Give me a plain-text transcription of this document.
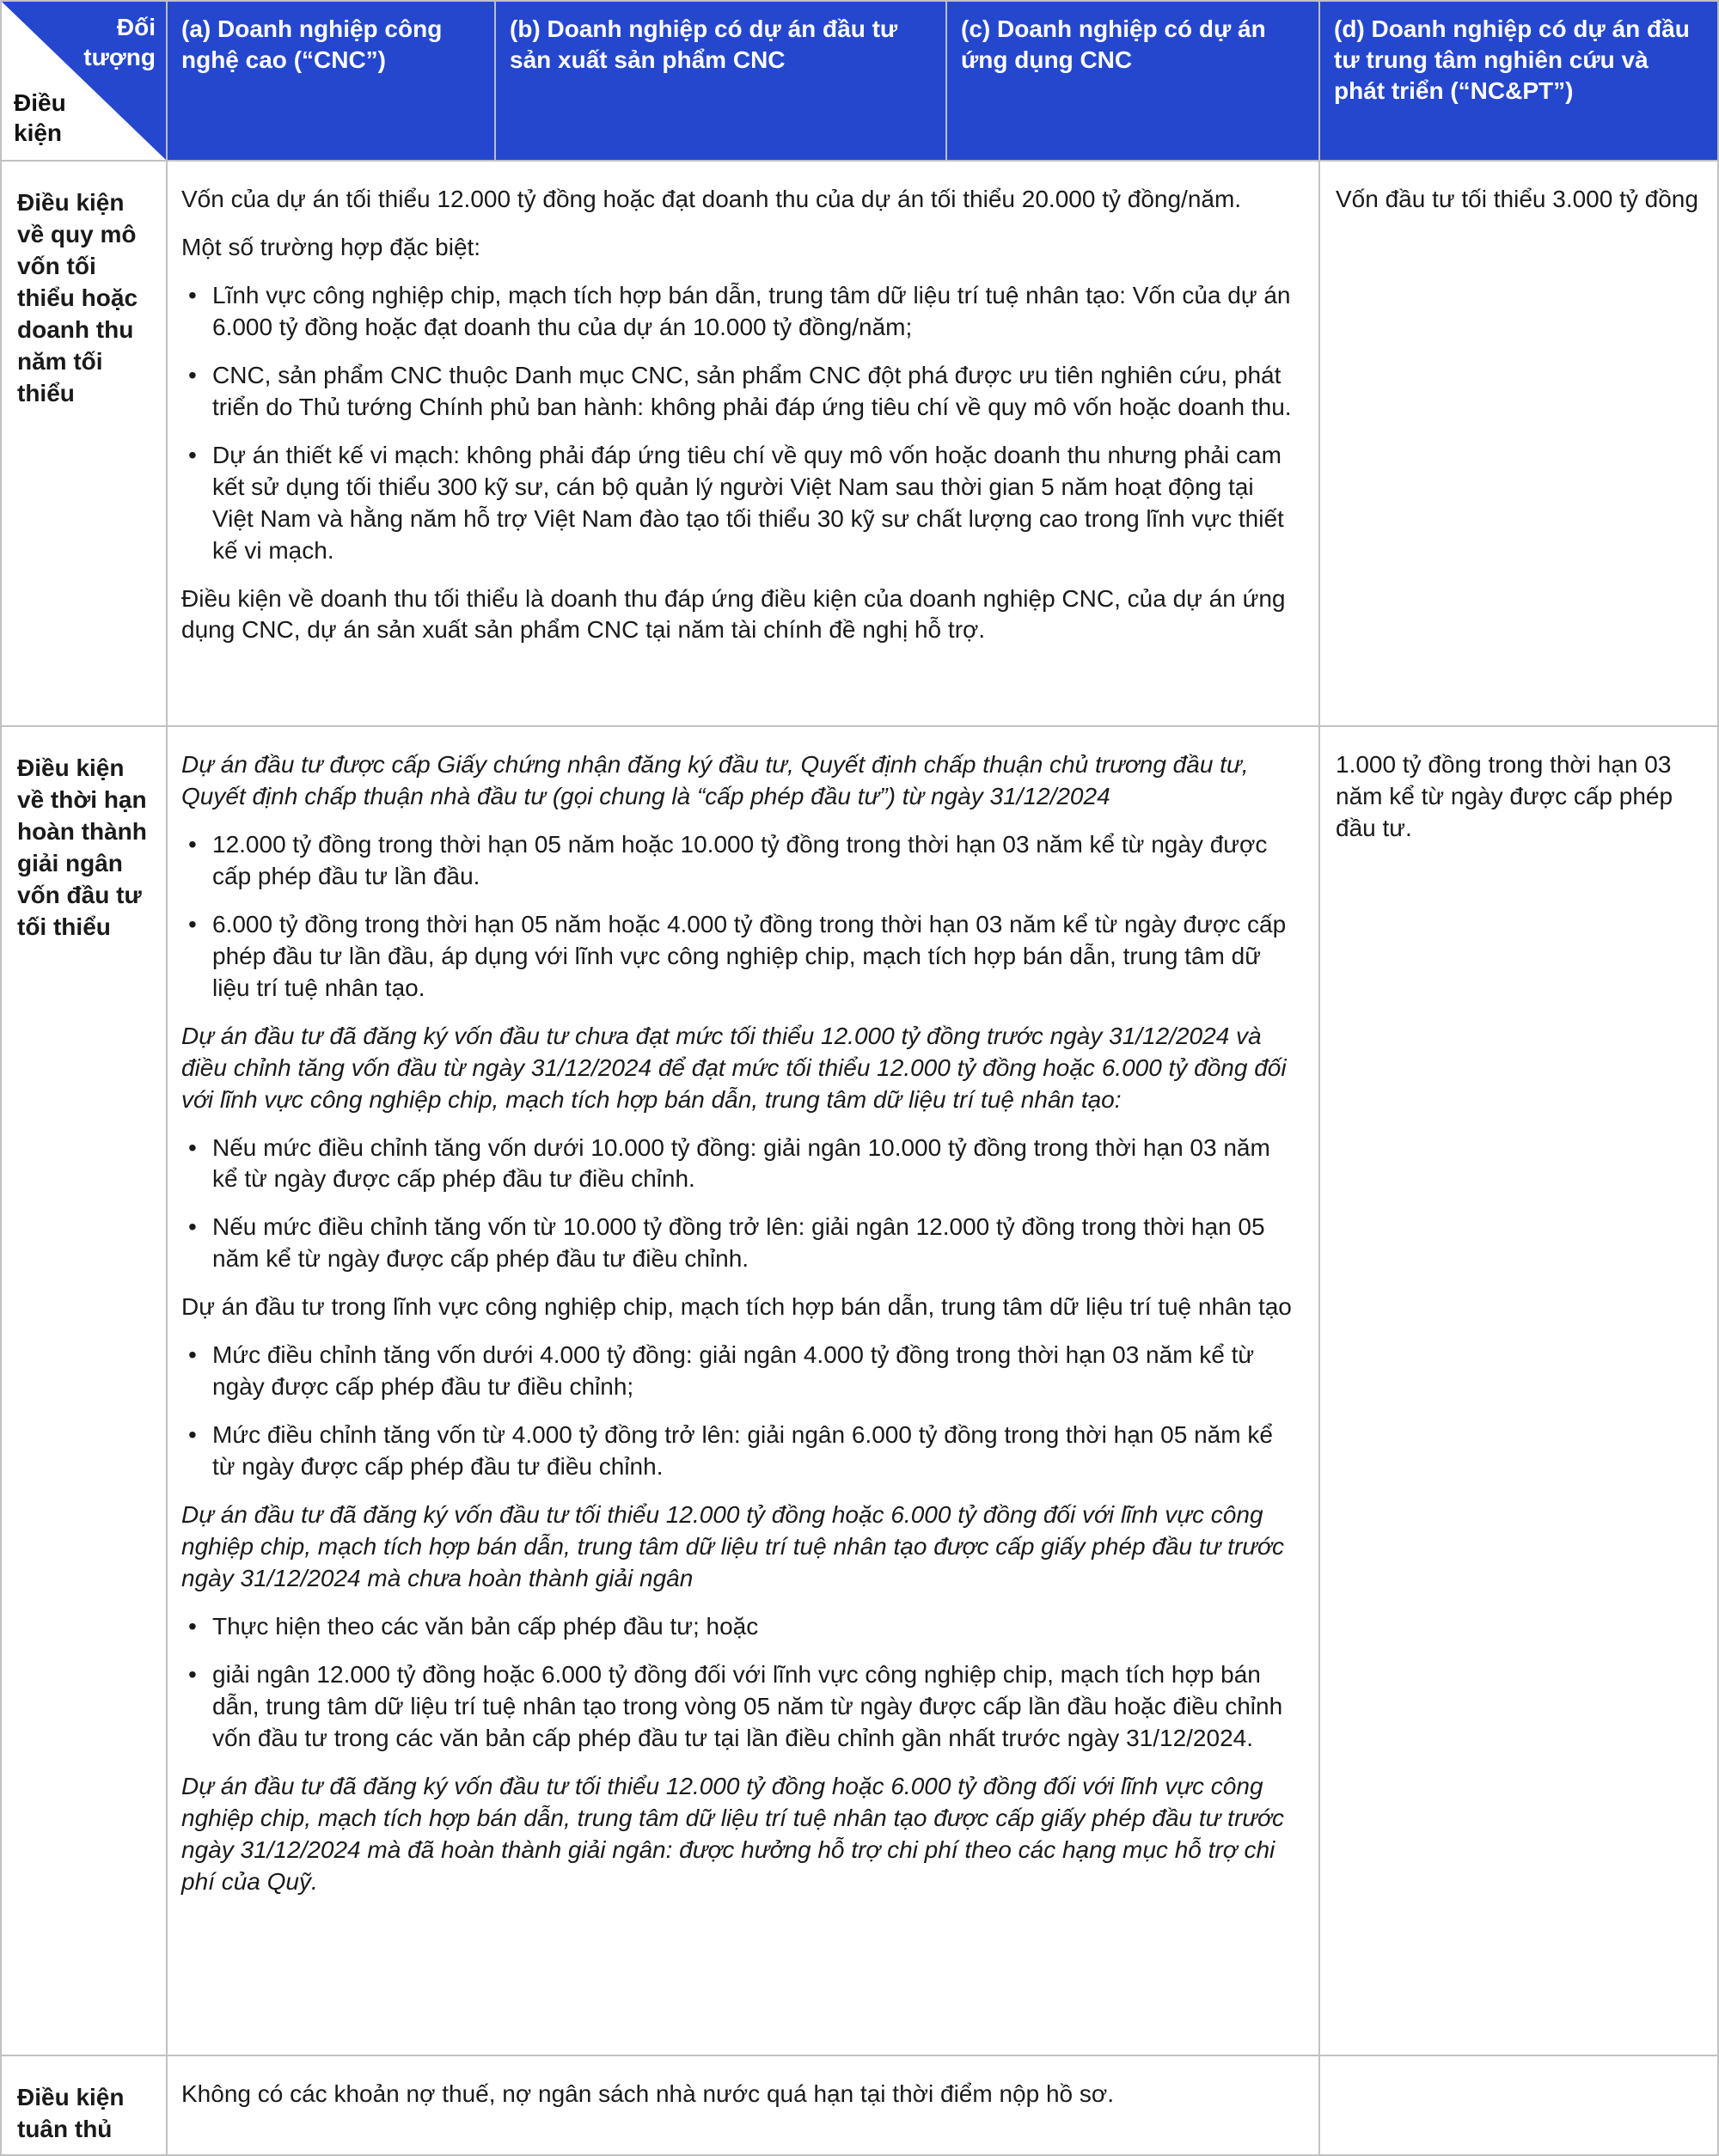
Đối tượng
Điều kiện
(a) Doanh nghiệp công nghệ cao (“CNC”)
(b) Doanh nghiệp có dự án đầu tư sản xuất sản phẩm CNC
(c) Doanh nghiệp có dự án ứng dụng CNC
(d) Doanh nghiệp có dự án đầu tư trung tâm nghiên cứu và phát triển (“NC&PT”)
Điều kiện về quy mô vốn tối thiểu hoặc doanh thu năm tối thiểu
Vốn của dự án tối thiểu 12.000 tỷ đồng hoặc đạt doanh thu của dự án tối thiểu 20.000 tỷ đồng/năm.
Một số trường hợp đặc biệt:
• Lĩnh vực công nghiệp chip, mạch tích hợp bán dẫn, trung tâm dữ liệu trí tuệ nhân tạo: Vốn của dự án 6.000 tỷ đồng hoặc đạt doanh thu của dự án 10.000 tỷ đồng/năm;
• CNC, sản phẩm CNC thuộc Danh mục CNC, sản phẩm CNC đột phá được ưu tiên nghiên cứu, phát triển do Thủ tướng Chính phủ ban hành: không phải đáp ứng tiêu chí về quy mô vốn hoặc doanh thu.
• Dự án thiết kế vi mạch: không phải đáp ứng tiêu chí về quy mô vốn hoặc doanh thu nhưng phải cam kết sử dụng tối thiểu 300 kỹ sư, cán bộ quản lý người Việt Nam sau thời gian 5 năm hoạt động tại Việt Nam và hằng năm hỗ trợ Việt Nam đào tạo tối thiểu 30 kỹ sư chất lượng cao trong lĩnh vực thiết kế vi mạch.
Điều kiện về doanh thu tối thiểu là doanh thu đáp ứng điều kiện của doanh nghiệp CNC, của dự án ứng dụng CNC, dự án sản xuất sản phẩm CNC tại năm tài chính đề nghị hỗ trợ.
Vốn đầu tư tối thiểu 3.000 tỷ đồng
Điều kiện về thời hạn hoàn thành giải ngân vốn đầu tư tối thiểu
Dự án đầu tư được cấp Giấy chứng nhận đăng ký đầu tư, Quyết định chấp thuận chủ trương đầu tư, Quyết định chấp thuận nhà đầu tư (gọi chung là “cấp phép đầu tư”) từ ngày 31/12/2024
• 12.000 tỷ đồng trong thời hạn 05 năm hoặc 10.000 tỷ đồng trong thời hạn 03 năm kể từ ngày được cấp phép đầu tư lần đầu.
• 6.000 tỷ đồng trong thời hạn 05 năm hoặc 4.000 tỷ đồng trong thời hạn 03 năm kể từ ngày được cấp phép đầu tư lần đầu, áp dụng với lĩnh vực công nghiệp chip, mạch tích hợp bán dẫn, trung tâm dữ liệu trí tuệ nhân tạo.
Dự án đầu tư đã đăng ký vốn đầu tư chưa đạt mức tối thiểu 12.000 tỷ đồng trước ngày 31/12/2024 và điều chỉnh tăng vốn đầu từ ngày 31/12/2024 để đạt mức tối thiểu 12.000 tỷ đồng hoặc 6.000 tỷ đồng đối với lĩnh vực công nghiệp chip, mạch tích hợp bán dẫn, trung tâm dữ liệu trí tuệ nhân tạo:
• Nếu mức điều chỉnh tăng vốn dưới 10.000 tỷ đồng: giải ngân 10.000 tỷ đồng trong thời hạn 03 năm kể từ ngày được cấp phép đầu tư điều chỉnh.
• Nếu mức điều chỉnh tăng vốn từ 10.000 tỷ đồng trở lên: giải ngân 12.000 tỷ đồng trong thời hạn 05 năm kể từ ngày được cấp phép đầu tư điều chỉnh.
Dự án đầu tư trong lĩnh vực công nghiệp chip, mạch tích hợp bán dẫn, trung tâm dữ liệu trí tuệ nhân tạo
• Mức điều chỉnh tăng vốn dưới 4.000 tỷ đồng: giải ngân 4.000 tỷ đồng trong thời hạn 03 năm kể từ ngày được cấp phép đầu tư điều chỉnh;
• Mức điều chỉnh tăng vốn từ 4.000 tỷ đồng trở lên: giải ngân 6.000 tỷ đồng trong thời hạn 05 năm kể từ ngày được cấp phép đầu tư điều chỉnh.
Dự án đầu tư đã đăng ký vốn đầu tư tối thiểu 12.000 tỷ đồng hoặc 6.000 tỷ đồng đối với lĩnh vực công nghiệp chip, mạch tích hợp bán dẫn, trung tâm dữ liệu trí tuệ nhân tạo được cấp giấy phép đầu tư trước ngày 31/12/2024 mà chưa hoàn thành giải ngân
• Thực hiện theo các văn bản cấp phép đầu tư; hoặc
• giải ngân 12.000 tỷ đồng hoặc 6.000 tỷ đồng đối với lĩnh vực công nghiệp chip, mạch tích hợp bán dẫn, trung tâm dữ liệu trí tuệ nhân tạo trong vòng 05 năm từ ngày được cấp lần đầu hoặc điều chỉnh vốn đầu tư trong các văn bản cấp phép đầu tư tại lần điều chỉnh gần nhất trước ngày 31/12/2024.
Dự án đầu tư đã đăng ký vốn đầu tư tối thiểu 12.000 tỷ đồng hoặc 6.000 tỷ đồng đối với lĩnh vực công nghiệp chip, mạch tích hợp bán dẫn, trung tâm dữ liệu trí tuệ nhân tạo được cấp giấy phép đầu tư trước ngày 31/12/2024 mà đã hoàn thành giải ngân: được hưởng hỗ trợ chi phí theo các hạng mục hỗ trợ chi phí của Quỹ.
1.000 tỷ đồng trong thời hạn 03 năm kể từ ngày được cấp phép đầu tư.
Điều kiện tuân thủ
Không có các khoản nợ thuế, nợ ngân sách nhà nước quá hạn tại thời điểm nộp hồ sơ.
